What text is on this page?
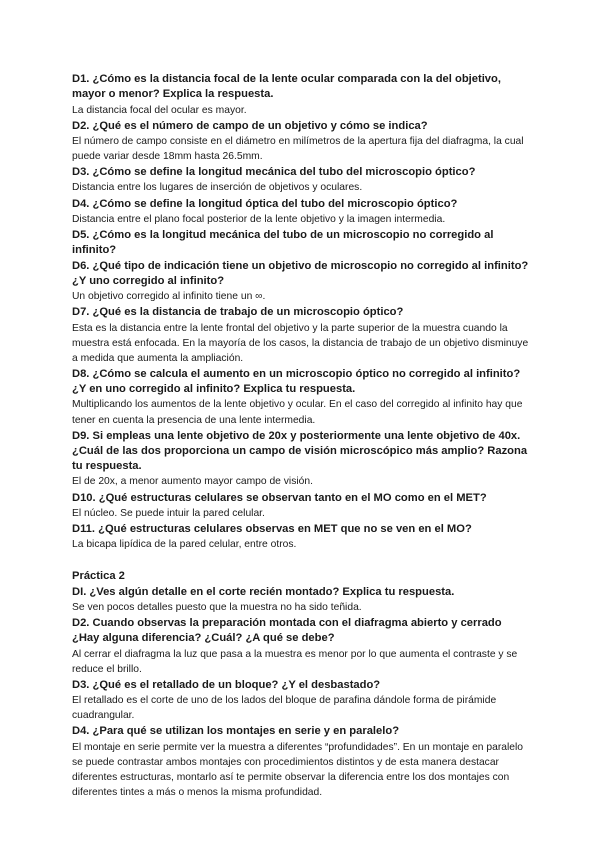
D1. ¿Cómo es la distancia focal de la lente ocular comparada con la del objetivo, mayor o menor? Explica la respuesta.
La distancia focal del ocular es mayor.
D2. ¿Qué es el número de campo de un objetivo y cómo se indica?
El número de campo consiste en el diámetro en milímetros de la apertura fija del diafragma, la cual puede variar desde 18mm hasta 26.5mm.
D3. ¿Cómo se define la longitud mecánica del tubo del microscopio óptico?
Distancia entre los lugares de inserción de objetivos y oculares.
D4. ¿Cómo se define la longitud óptica del tubo del microscopio óptico?
Distancia entre el plano focal posterior de la lente objetivo y la imagen intermedia.
D5. ¿Cómo es la longitud mecánica del tubo de un microscopio no corregido al infinito?
D6. ¿Qué tipo de indicación tiene un objetivo de microscopio no corregido al infinito? ¿Y uno corregido al infinito?
Un objetivo corregido al infinito tiene un ∞.
D7. ¿Qué es la distancia de trabajo de un microscopio óptico?
Esta es la distancia entre la lente frontal del objetivo y la parte superior de la muestra cuando la muestra está enfocada. En la mayoría de los casos, la distancia de trabajo de un objetivo disminuye a medida que aumenta la ampliación.
D8. ¿Cómo se calcula el aumento en un microscopio óptico no corregido al infinito? ¿Y en uno corregido al infinito? Explica tu respuesta.
Multiplicando los aumentos de la lente objetivo y ocular. En el caso del corregido al infinito hay que tener en cuenta la presencia de una lente intermedia.
D9. Si empleas una lente objetivo de 20x y posteriormente una lente objetivo de 40x. ¿Cuál de las dos proporciona un campo de visión microscópico más amplio? Razona tu respuesta.
El de 20x, a menor aumento mayor campo de visión.
D10. ¿Qué estructuras celulares se observan tanto en el MO como en el MET?
El núcleo. Se puede intuir la pared celular.
D11. ¿Qué estructuras celulares observas en MET que no se ven en el MO?
La bicapa lipídica de la pared celular, entre otros.
Práctica 2
DI. ¿Ves algún detalle en el corte recién montado? Explica tu respuesta.
Se ven pocos detalles puesto que la muestra no ha sido teñida.
D2. Cuando observas la preparación montada con el diafragma abierto y cerrado ¿Hay alguna diferencia? ¿Cuál? ¿A qué se debe?
Al cerrar el diafragma la luz que pasa a la muestra es menor por lo que aumenta el contraste y se reduce el brillo.
D3. ¿Qué es el retallado de un bloque? ¿Y el desbastado?
El retallado es el corte de uno de los lados del bloque de parafina dándole forma de pirámide cuadrangular.
D4. ¿Para qué se utilizan los montajes en serie y en paralelo?
El montaje en serie permite ver la muestra a diferentes “profundidades”. En un montaje en paralelo se puede contrastar ambos montajes con procedimientos distintos y de esta manera destacar diferentes estructuras, montarlo así te permite observar la diferencia entre los dos montajes con diferentes tintes a más o menos la misma profundidad.
